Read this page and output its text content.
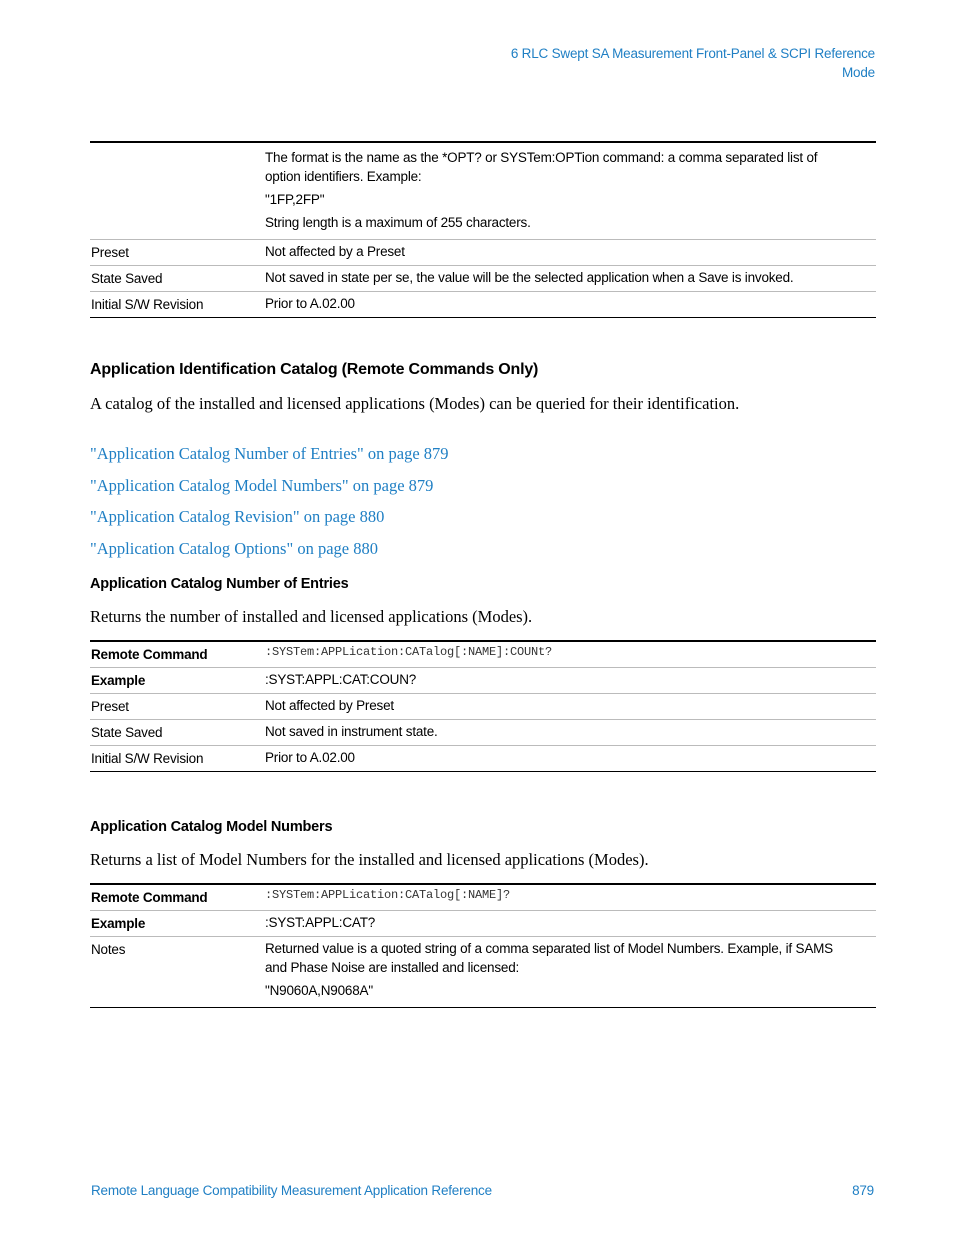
6 RLC Swept SA Measurement Front-Panel & SCPI Reference
Mode
The format is the name as the *OPT? or SYSTem:OPTion command: a comma separated list of option identifiers. Example:
"1FP,2FP"
String length is a maximum of 255 characters.
Preset	Not affected by a Preset
State Saved	Not saved in state per se, the value will be the selected application when a Save is invoked.
Initial S/W Revision	Prior to A.02.00
Application Identification Catalog (Remote Commands Only)
A catalog of the installed and licensed applications (Modes) can be queried for their identification.
"Application Catalog Number of Entries" on page 879
"Application Catalog Model Numbers" on page 879
"Application Catalog Revision" on page 880
"Application Catalog Options" on page 880
Application Catalog Number of Entries
Returns the number of installed and licensed applications (Modes).
Remote Command	:SYSTem:APPLication:CATalog[:NAME]:COUNt?
Example	:SYST:APPL:CAT:COUN?
Preset	Not affected by Preset
State Saved	Not saved in instrument state.
Initial S/W Revision	Prior to A.02.00
Application Catalog Model Numbers
Returns a list of Model Numbers for the installed and licensed applications (Modes).
Remote Command	:SYSTem:APPLication:CATalog[:NAME]?
Example	:SYST:APPL:CAT?
Notes	Returned value is a quoted string of a comma separated list of Model Numbers. Example, if SAMS and Phase Noise are installed and licensed:
"N9060A,N9068A"
Remote Language Compatibility Measurement Application Reference	879
